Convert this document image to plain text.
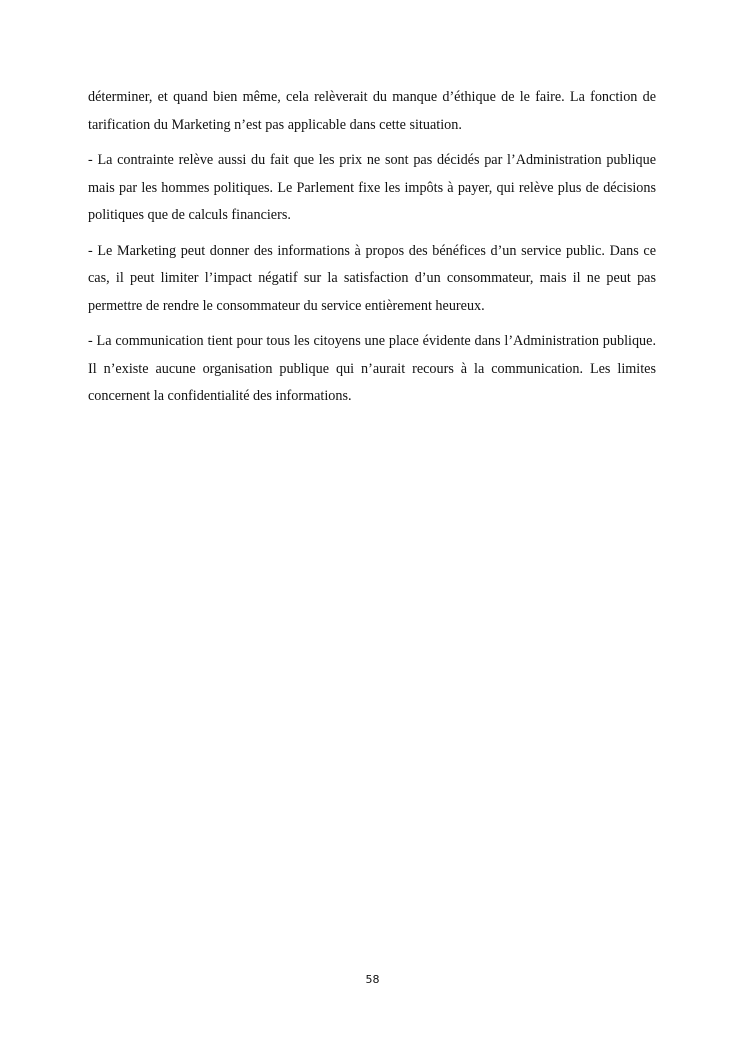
déterminer, et quand bien même, cela relèverait du manque d’éthique de le faire. La fonction de tarification du Marketing n’est pas applicable dans cette situation.

- La contrainte relève aussi du fait que les prix ne sont pas décidés par l’Administration publique mais par les hommes politiques. Le Parlement fixe les impôts à payer, qui relève plus de décisions politiques que de calculs financiers.

- Le Marketing peut donner des informations à propos des bénéfices d’un service public. Dans ce cas, il peut limiter l’impact négatif sur la satisfaction d’un consommateur, mais il ne peut pas permettre de rendre le consommateur du service entièrement heureux.

- La communication tient pour tous les citoyens une place évidente dans l’Administration publique. Il n’existe aucune organisation publique qui n’aurait recours à la communication. Les limites concernent la confidentialité des informations.

58
